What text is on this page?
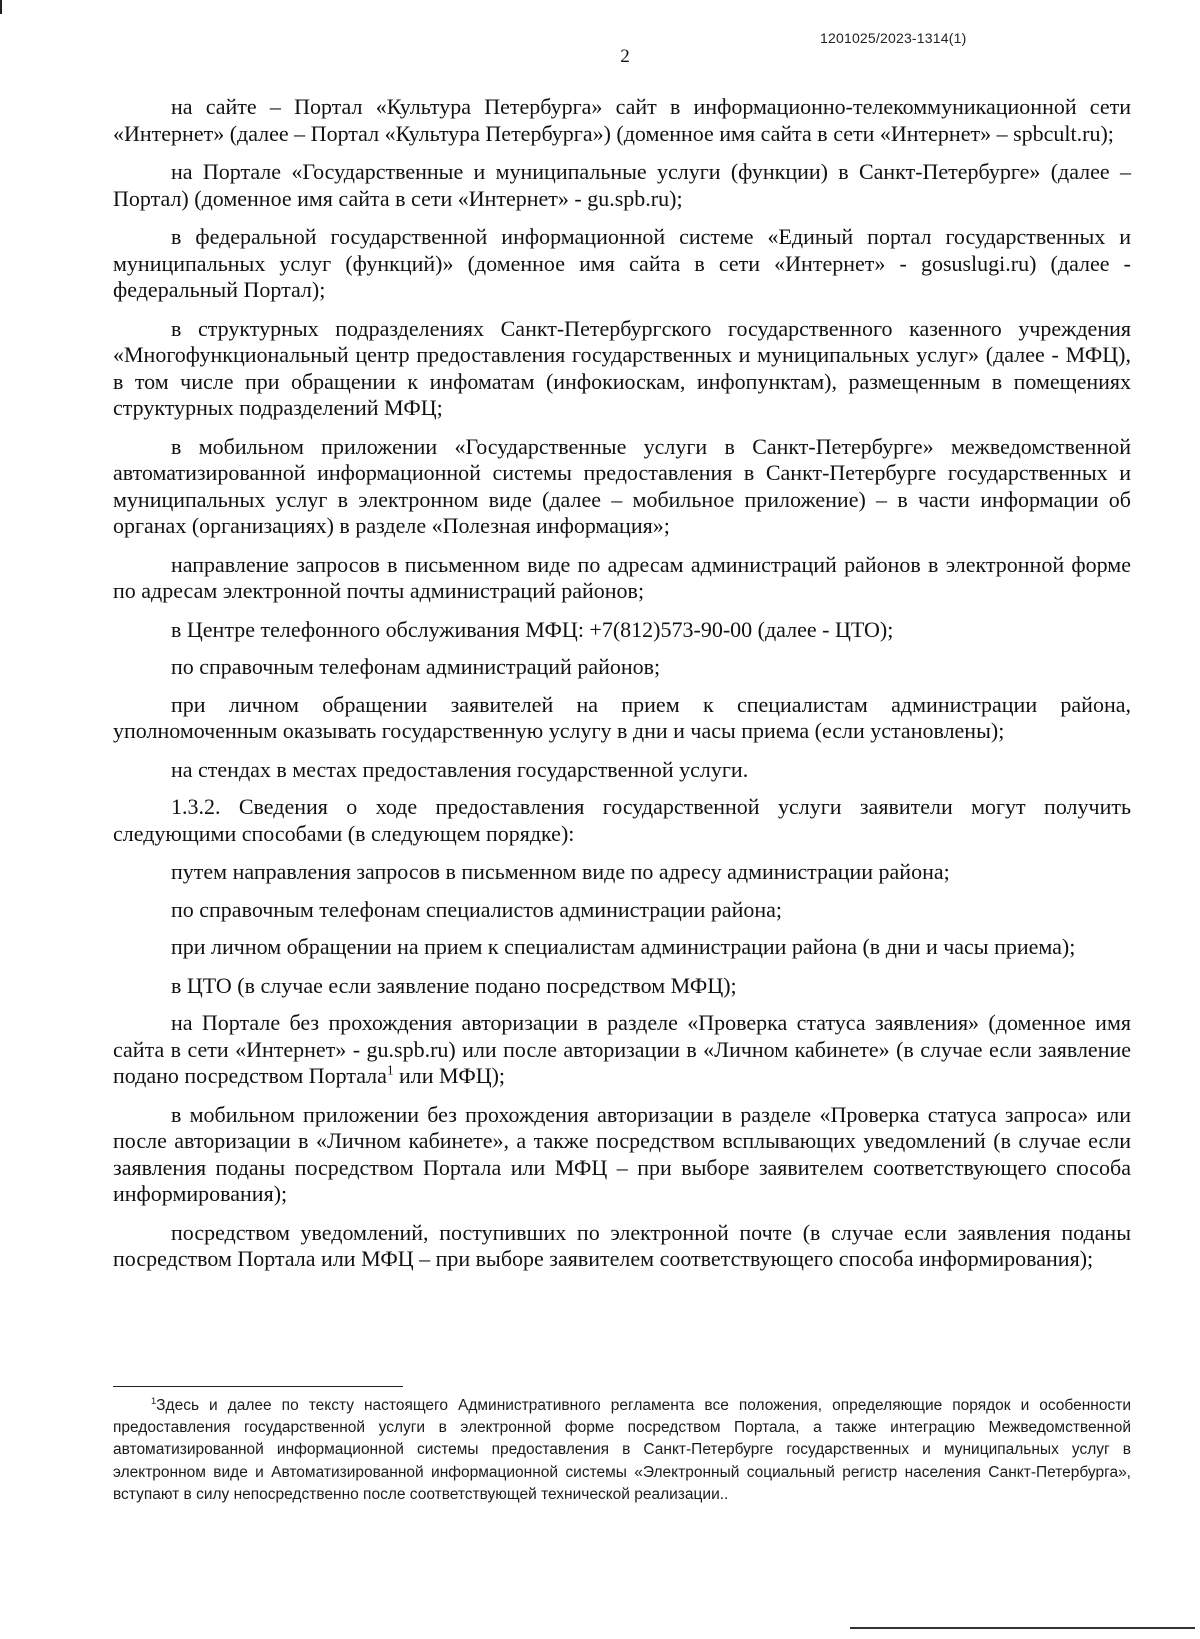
1201025/2023-1314(1)
2

на сайте – Портал «Культура Петербурга» сайт в информационно-телекоммуникационной сети «Интернет» (далее – Портал «Культура Петербурга») (доменное имя сайта в сети «Интернет» – spbcult.ru);

на Портале «Государственные и муниципальные услуги (функции) в Санкт-Петербурге» (далее – Портал) (доменное имя сайта в сети «Интернет» - gu.spb.ru);

в федеральной государственной информационной системе «Единый портал государственных и муниципальных услуг (функций)» (доменное имя сайта в сети «Интернет» - gosuslugi.ru) (далее - федеральный Портал);

в структурных подразделениях Санкт-Петербургского государственного казенного учреждения «Многофункциональный центр предоставления государственных и муниципальных услуг» (далее - МФЦ), в том числе при обращении к инфоматам (инфокиоскам, инфопунктам), размещенным в помещениях структурных подразделений МФЦ;

в мобильном приложении «Государственные услуги в Санкт-Петербурге» межведомственной автоматизированной информационной системы предоставления в Санкт-Петербурге государственных и муниципальных услуг в электронном виде (далее – мобильное приложение) – в части информации об органах (организациях) в разделе «Полезная информация»;

направление запросов в письменном виде по адресам администраций районов в электронной форме по адресам электронной почты администраций районов;

в Центре телефонного обслуживания МФЦ: +7(812)573-90-00 (далее - ЦТО);

по справочным телефонам администраций районов;

при личном обращении заявителей на прием к специалистам администрации района, уполномоченным оказывать государственную услугу в дни и часы приема (если установлены);

на стендах в местах предоставления государственной услуги.

1.3.2. Сведения о ходе предоставления государственной услуги заявители могут получить следующими способами (в следующем порядке):

путем направления запросов в письменном виде по адресу администрации района;

по справочным телефонам специалистов администрации района;

при личном обращении на прием к специалистам администрации района (в дни и часы приема);

в ЦТО (в случае если заявление подано посредством МФЦ);

на Портале без прохождения авторизации в разделе «Проверка статуса заявления» (доменное имя сайта в сети «Интернет» - gu.spb.ru) или после авторизации в «Личном кабинете» (в случае если заявление подано посредством Портала$^1$ или МФЦ);

в мобильном приложении без прохождения авторизации в разделе «Проверка статуса запроса» или после авторизации в «Личном кабинете», а также посредством всплывающих уведомлений (в случае если заявления поданы посредством Портала или МФЦ – при выборе заявителем соответствующего способа информирования);

посредством уведомлений, поступивших по электронной почте (в случае если заявления поданы посредством Портала или МФЦ – при выборе заявителем соответствующего способа информирования);

$^1$Здесь и далее по тексту настоящего Административного регламента все положения, определяющие порядок и особенности предоставления государственной услуги в электронной форме посредством Портала, а также интеграцию Межведомственной автоматизированной информационной системы предоставления в Санкт-Петербурге государственных и муниципальных услуг в электронном виде и Автоматизированной информационной системы «Электронный социальный регистр населения Санкт-Петербурга», вступают в силу непосредственно после соответствующей технической реализации..
